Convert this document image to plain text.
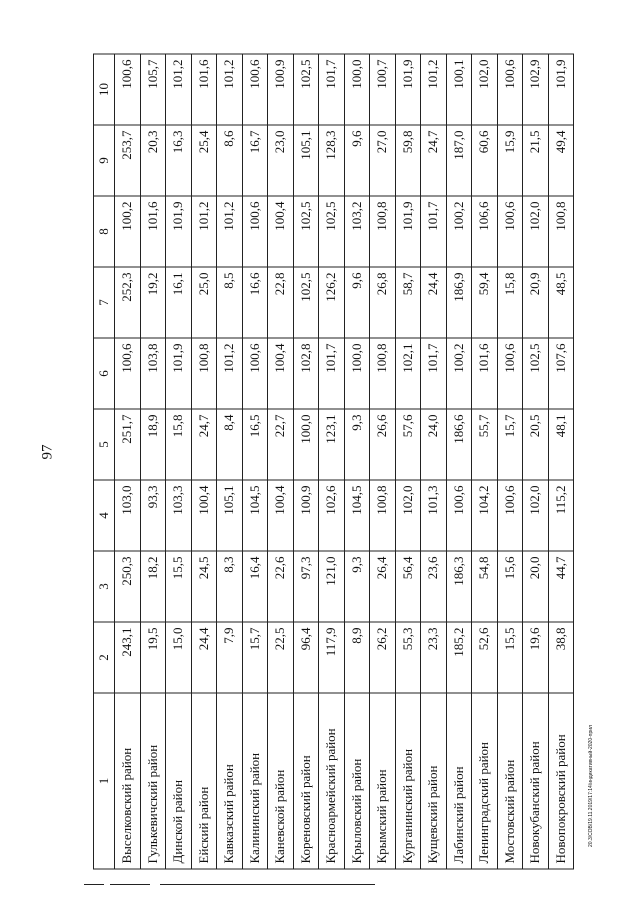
97
1	2	3	4	5	6	7	8	9	10
Выселковский район	243,1	250,3	103,0	251,7	100,6	252,3	100,2	253,7	100,6
Гулькевичский район	19,5	18,2	93,3	18,9	103,8	19,2	101,6	20,3	105,7
Динской район	15,0	15,5	103,3	15,8	101,9	16,1	101,9	16,3	101,2
Ейский район	24,4	24,5	100,4	24,7	100,8	25,0	101,2	25,4	101,6
Кавказский район	7,9	8,3	105,1	8,4	101,2	8,5	101,2	8,6	101,2
Калининский район	15,7	16,4	104,5	16,5	100,6	16,6	100,6	16,7	100,6
Каневской район	22,5	22,6	100,4	22,7	100,4	22,8	100,4	23,0	100,9
Кореновский район	96,4	97,3	100,9	100,0	102,8	102,5	102,5	105,1	102,5
Красноармейский район	117,9	121,0	102,6	123,1	101,7	126,2	102,5	128,3	101,7
Крыловский район	8,9	9,3	104,5	9,3	100,0	9,6	103,2	9,6	100,0
Крымский район	26,2	26,4	100,8	26,6	100,8	26,8	100,8	27,0	100,7
Курганинский район	55,3	56,4	102,0	57,6	102,1	58,7	101,9	59,8	101,9
Кущевский район	23,3	23,6	101,3	24,0	101,7	24,4	101,7	24,7	101,2
Лабинский район	185,2	186,3	100,6	186,6	100,2	186,9	100,2	187,0	100,1
Ленинградский район	52,6	54,8	104,2	55,7	101,6	59,4	106,6	60,6	102,0
Мостовский район	15,5	15,6	100,6	15,7	100,6	15,8	100,6	15,9	100,6
Новокубанский район	19,6	20,0	102,0	20,5	102,5	20,9	102,0	21,5	102,9
Новопокровский район	38,8	44,7	115,2	48,1	107,6	48,5	100,8	49,4	101,9
20.3/СОВ/19.11.2019/17:14/индикативный-2020-прил
